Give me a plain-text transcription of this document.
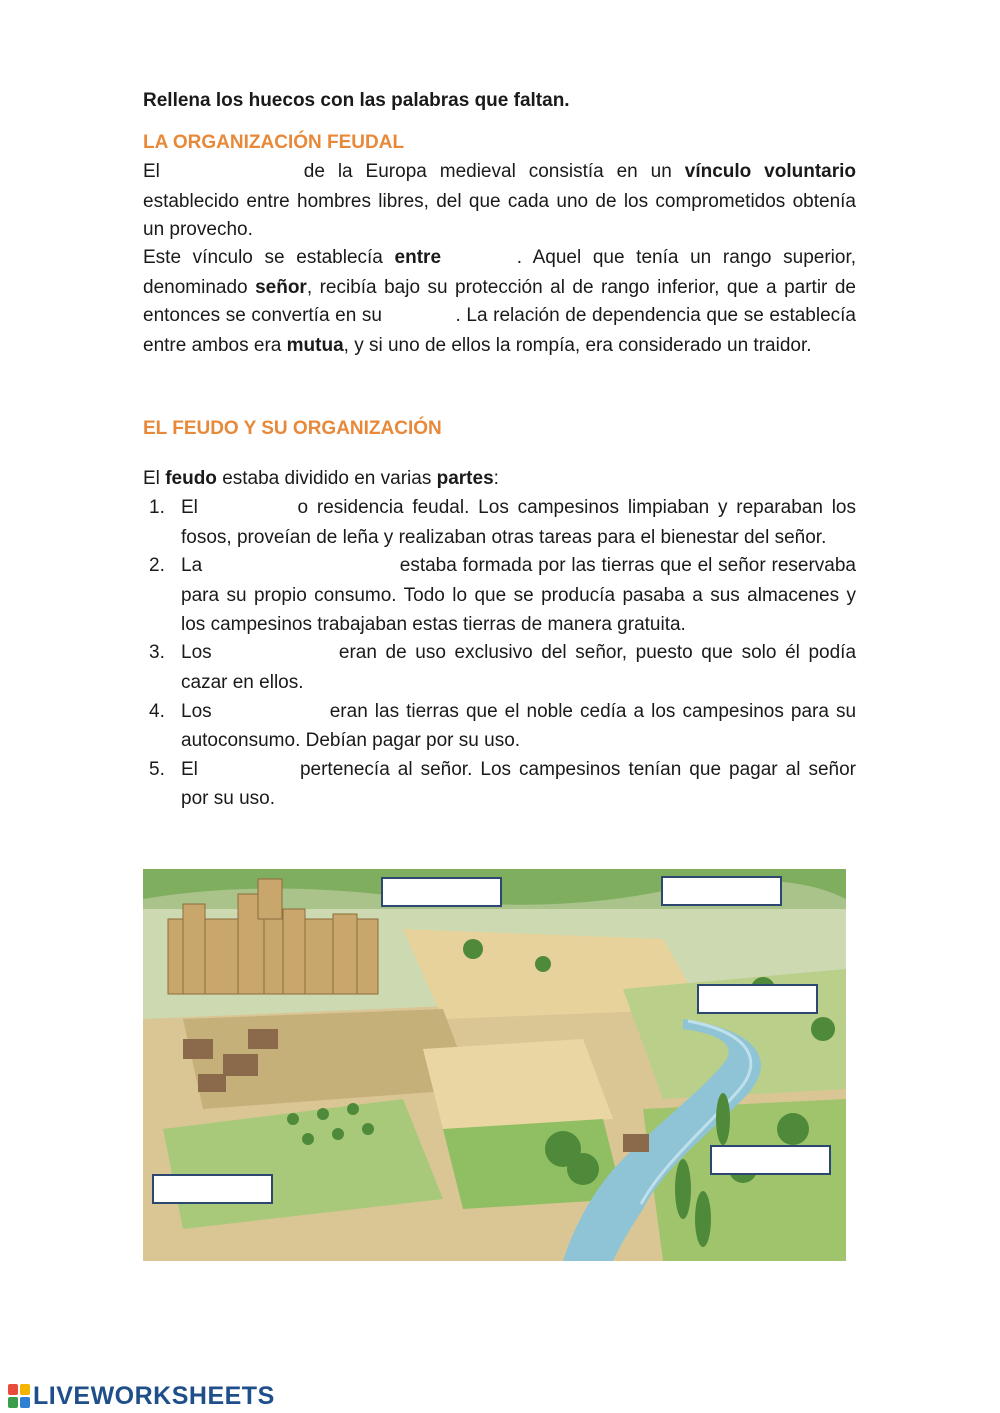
Rellena los huecos con las palabras que faltan.
LA ORGANIZACIÓN FEUDAL
El	de la Europa medieval consistía en un vínculo voluntario establecido entre hombres libres, del que cada uno de los comprometidos obtenía un provecho.
Este vínculo se establecía entre	. Aquel que tenía un rango superior, denominado señor, recibía bajo su protección al de rango inferior, que a partir de entonces se convertía en su	. La relación de dependencia que se establecía entre ambos era mutua, y si uno de ellos la rompía, era considerado un traidor.
EL FEUDO Y SU ORGANIZACIÓN
El feudo estaba dividido en varias partes:
1. El	o residencia feudal. Los campesinos limpiaban y reparaban los fosos, proveían de leña y realizaban otras tareas para el bienestar del señor.
2. La	estaba formada por las tierras que el señor reservaba para su propio consumo. Todo lo que se producía pasaba a sus almacenes y los campesinos trabajaban estas tierras de manera gratuita.
3. Los	eran de uso exclusivo del señor, puesto que solo él podía cazar en ellos.
4. Los	eran las tierras que el noble cedía a los campesinos para su autoconsumo. Debían pagar por su uso.
5. El	pertenecía al señor. Los campesinos tenían que pagar al señor por su uso.
LIVEWORKSHEETS
